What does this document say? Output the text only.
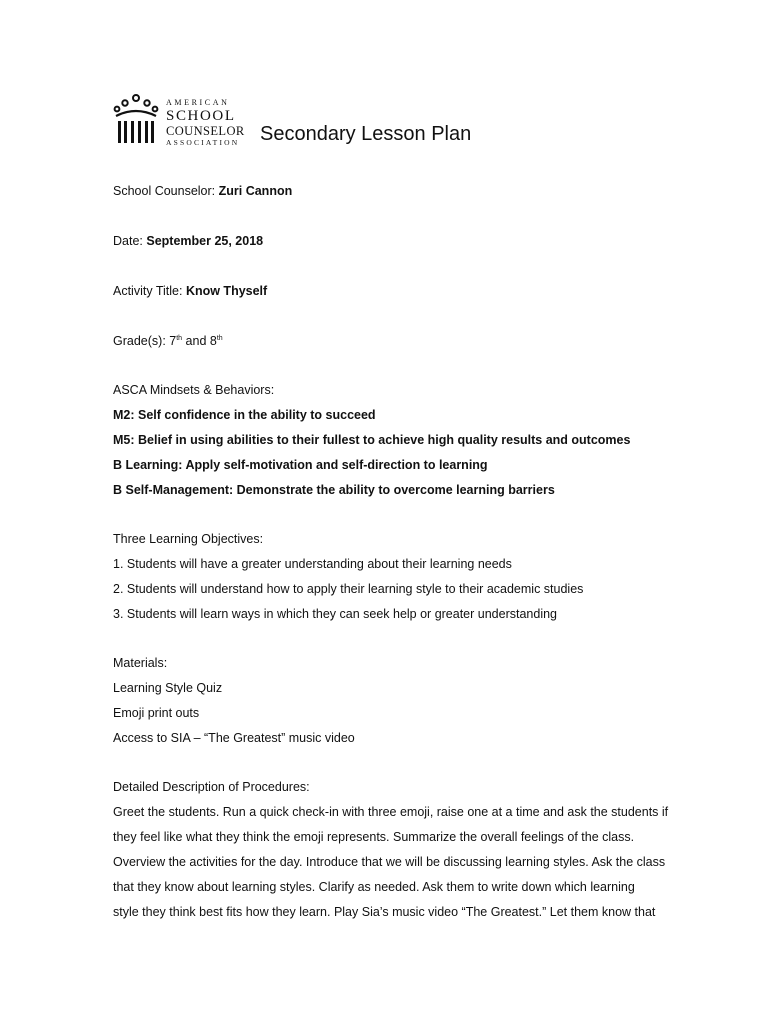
AMERICAN
SCHOOL
COUNSELOR
ASSOCIATION Secondary Lesson Plan
School Counselor: Zuri Cannon
Date: September 25, 2018
Activity Title: Know Thyself
Grade(s): 7th and 8th
ASCA Mindsets & Behaviors:
M2: Self confidence in the ability to succeed
M5: Belief in using abilities to their fullest to achieve high quality results and outcomes
B Learning: Apply self-motivation and self-direction to learning
B Self-Management: Demonstrate the ability to overcome learning barriers
Three Learning Objectives:
1. Students will have a greater understanding about their learning needs
2. Students will understand how to apply their learning style to their academic studies
3. Students will learn ways in which they can seek help or greater understanding
Materials:
Learning Style Quiz
Emoji print outs
Access to SIA – “The Greatest” music video
Detailed Description of Procedures:
Greet the students. Run a quick check-in with three emoji, raise one at a time and ask the students if
they feel like what they think the emoji represents. Summarize the overall feelings of the class.
Overview the activities for the day. Introduce that we will be discussing learning styles. Ask the class
that they know about learning styles. Clarify as needed. Ask them to write down which learning
style they think best fits how they learn. Play Sia’s music video “The Greatest.” Let them know that
